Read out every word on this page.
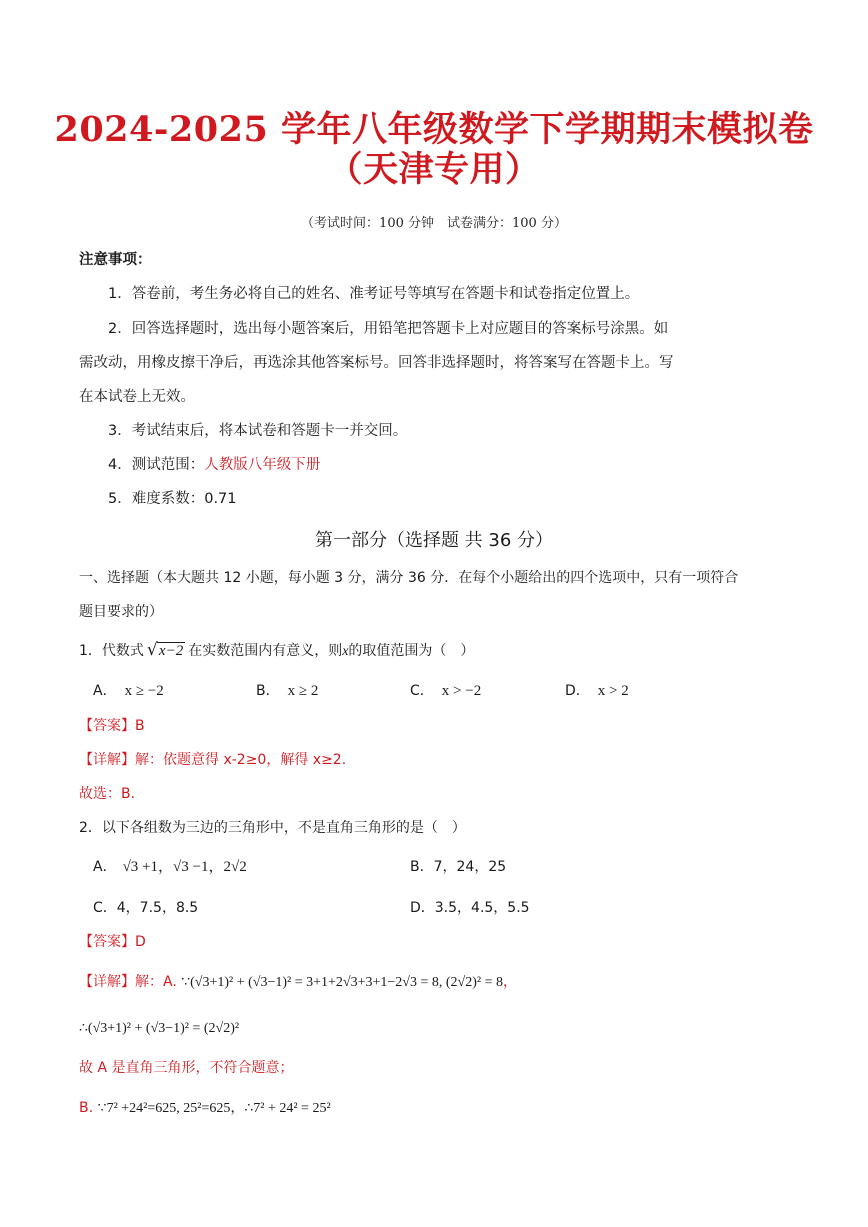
2024-2025 学年八年级数学下学期期末模拟卷
（天津专用）
（考试时间：100 分钟　试卷满分：100 分）
注意事项：
1．答卷前，考生务必将自己的姓名、准考证号等填写在答题卡和试卷指定位置上。
2．回答选择题时，选出每小题答案后，用铅笔把答题卡上对应题目的答案标号涂黑。如
需改动，用橡皮擦干净后，再选涂其他答案标号。回答非选择题时，将答案写在答题卡上。写
在本试卷上无效。
3．考试结束后，将本试卷和答题卡一并交回。
4．测试范围：人教版八年级下册
5．难度系数：0.71
第一部分（选择题 共 36 分）
一、选择题（本大题共 12 小题，每小题 3 分，满分 36 分．在每个小题给出的四个选项中，只有一项符合
题目要求的）
1．代数式 √ x−2 在实数范围内有意义，则x的取值范围为（　）
A． x ≥ −2	B． x ≥ 2	C． x > −2	D． x > 2
【答案】B
【详解】解：依题意得 x-2≥0，解得 x≥2.
故选：B.
2．以下各组数为三边的三角形中，不是直角三角形的是（　）
A． √3 +1，√3 −1，2√2	B．7，24，25
C．4，7.5，8.5	D．3.5，4.5，5.5
【答案】D
【详解】解：A. ∵(√3+1)² + (√3−1)² = 3+1+2√3+3+1−2√3 = 8, (2√2)² = 8，
∴(√3+1)² + (√3−1)² = (2√2)²
故 A 是直角三角形，不符合题意；
B. ∵7² +24²=625, 25²=625，∴7² + 24² = 25²
